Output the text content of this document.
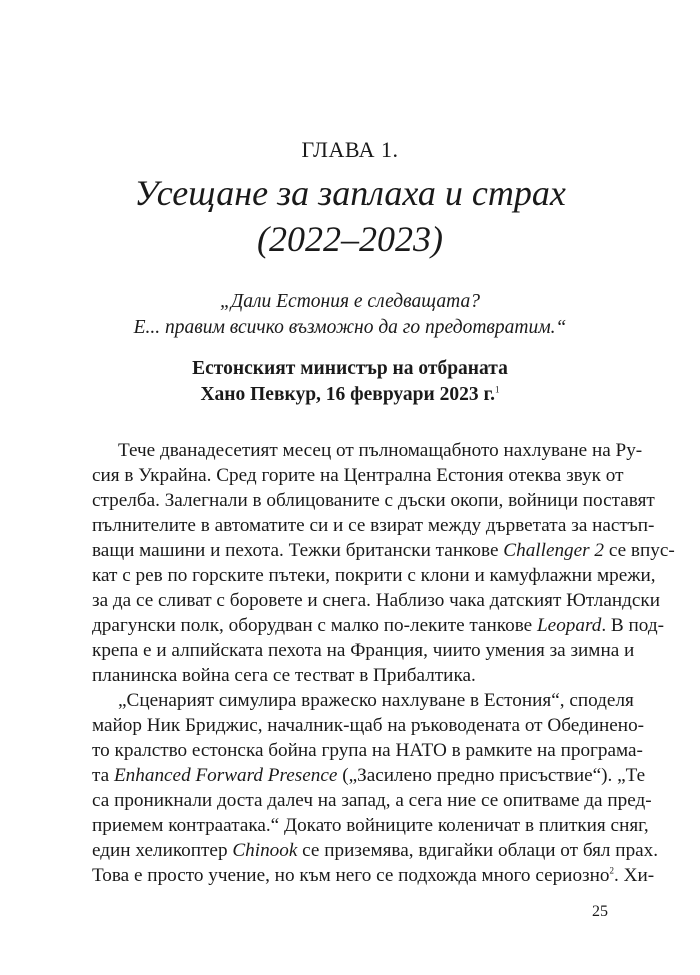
ГЛАВА 1.
Усещане за заплаха и страх
(2022–2023)
„Дали Естония е следващата?
Е... правим всичко възможно да го предотвратим.“
Естонският министър на отбраната
Хано Певкур, 16 февруари 2023 г.$^1$
Тече дванадесетият месец от пълномащабното нахлуване на Ру-
сия в Украйна. Сред горите на Централна Естония отеква звук от
стрелба. Залегнали в облицованите с дъски окопи, войници поставят
пълнителите в автоматите си и се взират между дърветата за настъп-
ващи машини и пехота. Тежки британски танкове Challenger 2 се впус-
кат с рев по горските пътеки, покрити с клони и камуфлажни мрежи,
за да се сливат с боровете и снега. Наблизо чака датският Ютландски
драгунски полк, оборудван с малко по-леките танкове Leopard. В под-
крепа е и алпийската пехота на Франция, чиито умения за зимна и
планинска война сега се тестват в Прибалтика.
„Сценарият симулира вражеско нахлуване в Естония“, споделя
майор Ник Бриджис, началник-щаб на ръководената от Обединено-
то кралство естонска бойна група на НАТО в рамките на програма-
та Enhanced Forward Presence („Засилено предно присъствие“). „Те
са проникнали доста далеч на запад, а сега ние се опитваме да пред-
приемем контраатака.“ Докато войниците коленичат в плиткия сняг,
един хеликоптер Chinook се приземява, вдигайки облаци от бял прах.
Това е просто учение, но към него се подхожда много сериозно$^2$. Хи-
25
